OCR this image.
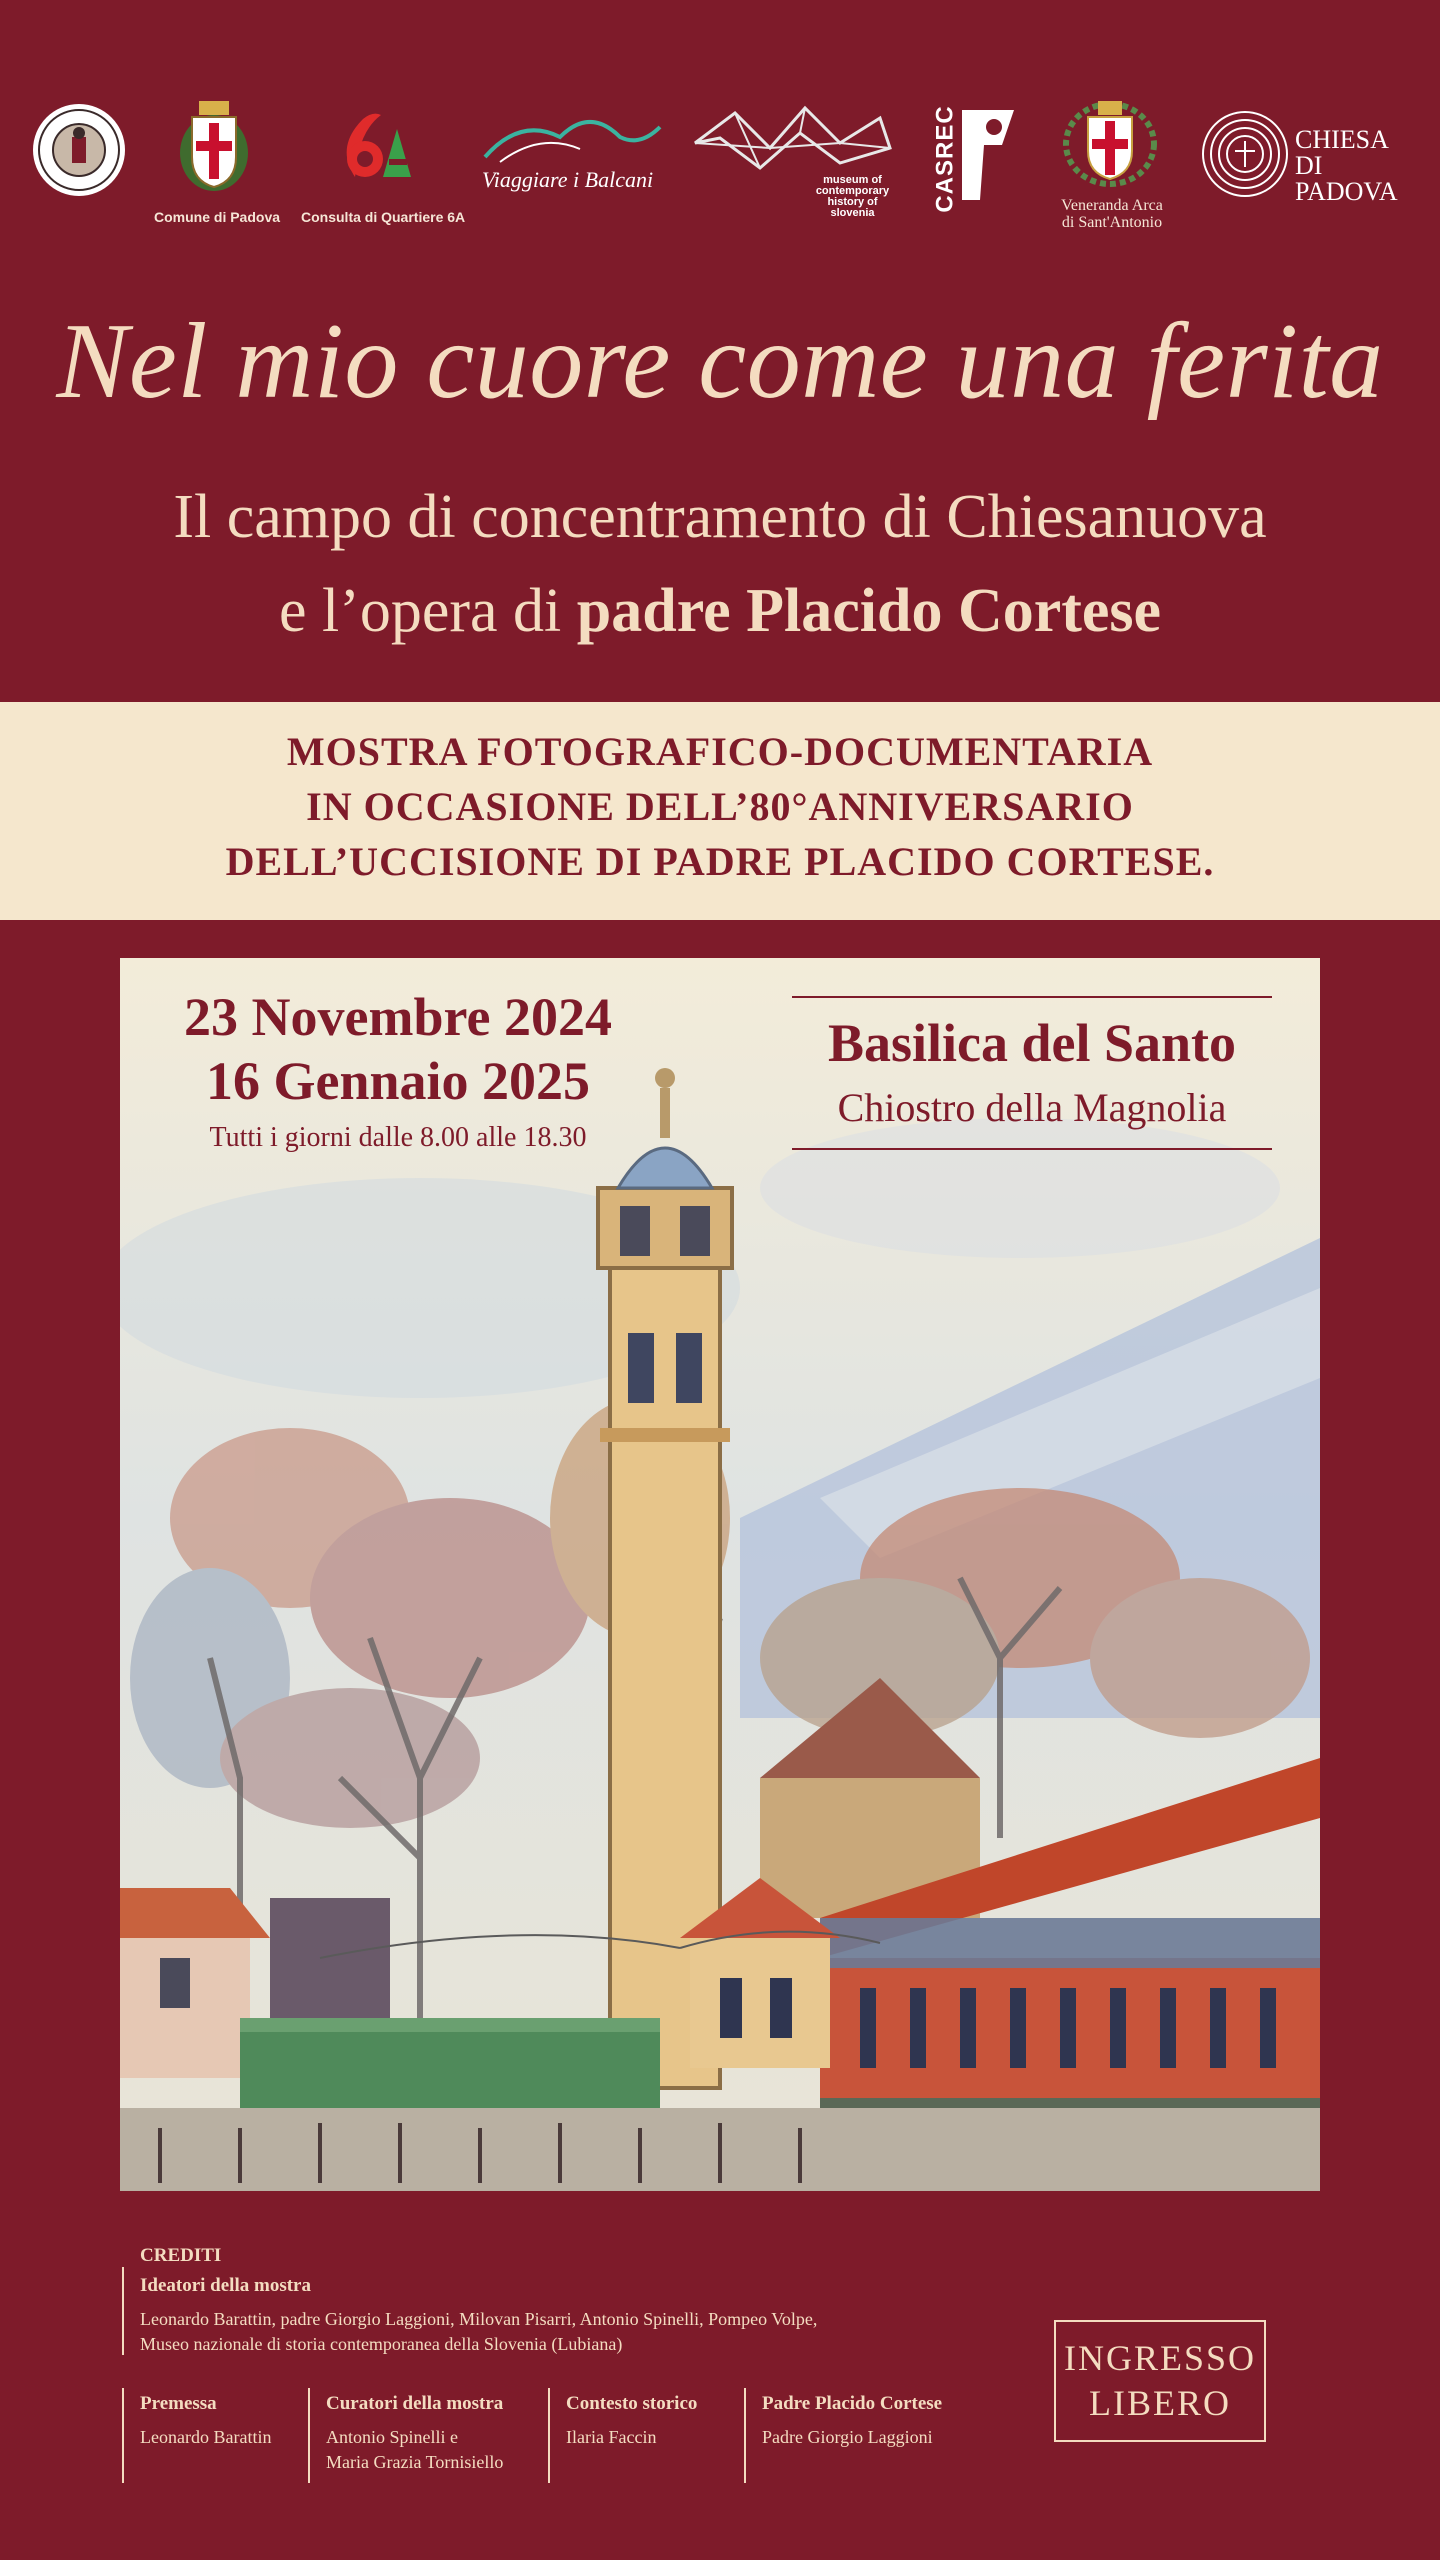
Comune di Padova Consulta di Quartiere 6A
Viaggiare i Balcani	museum of
contemporary
history of
slovenia
CASREC	Veneranda Arca
di Sant'Antonio
CHIESA DI
PADOVA
Nel mio cuore come una ferita
Il campo di concentramento di Chiesanuova
e l’opera di padre Placido Cortese
MOSTRA FOTOGRAFICO-DOCUMENTARIA
IN OCCASIONE DELL’80°ANNIVERSARIO
DELL’UCCISIONE DI PADRE PLACIDO CORTESE.
23 Novembre 2024
16 Gennaio 2025
Tutti i giorni dalle 8.00 alle 18.30
Basilica del Santo
Chiostro della Magnolia
CREDITI
Ideatori della mostra
Leonardo Barattin, padre Giorgio Laggioni, Milovan Pisarri, Antonio Spinelli, Pompeo Volpe,
Museo nazionale di storia contemporanea della Slovenia (Lubiana)
Premessa
Leonardo Barattin
Curatori della mostra
Antonio Spinelli e
Maria Grazia Tornisiello
Contesto storico
Ilaria Faccin
Padre Placido Cortese
Padre Giorgio Laggioni
INGRESSO
LIBERO
